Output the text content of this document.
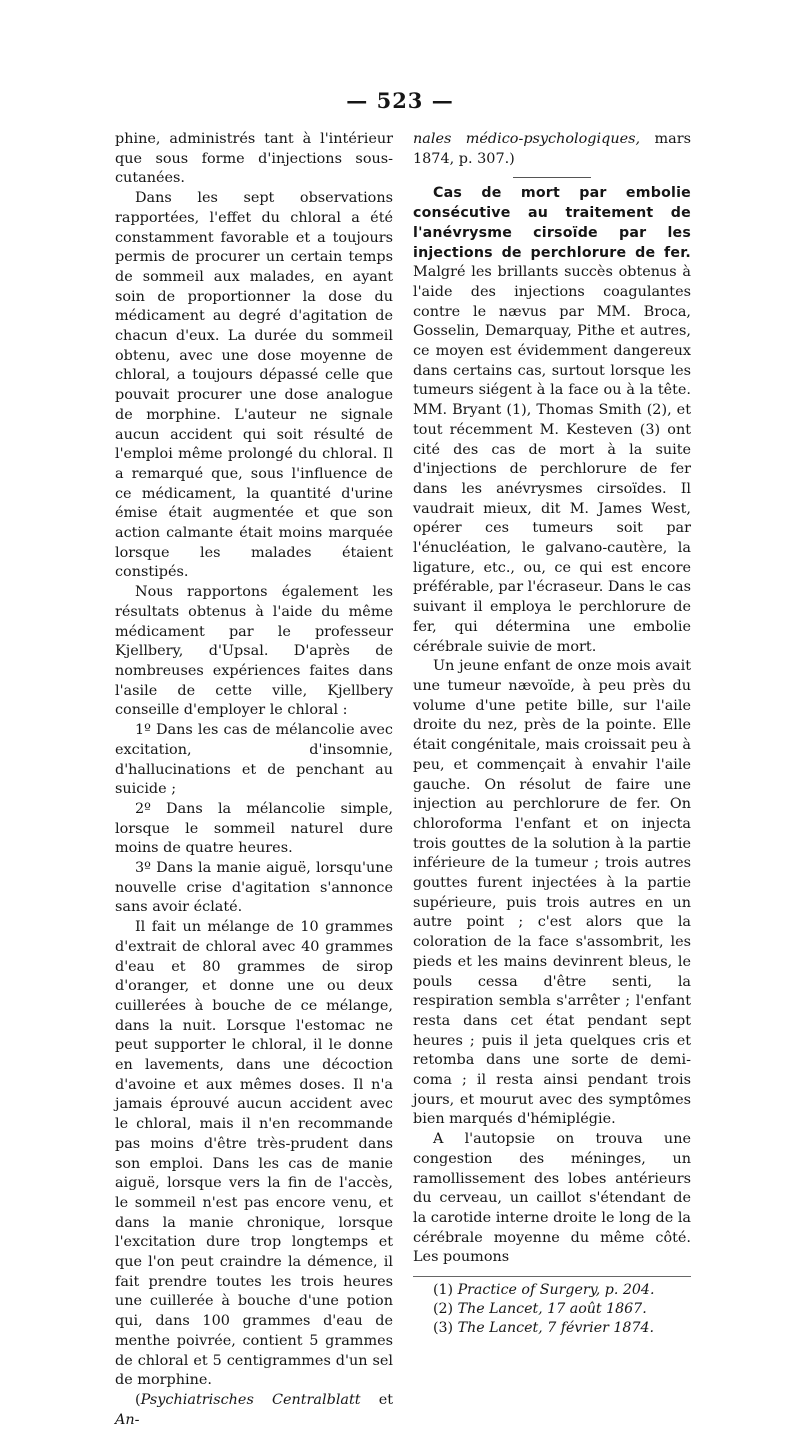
— 523 —

phine, administrés tant à l'intérieur que sous forme d'injections sous-cutanées.

Dans les sept observations rapportées, l'effet du chloral a été constamment favorable et a toujours permis de procurer un certain temps de sommeil aux malades, en ayant soin de proportionner la dose du médicament au degré d'agitation de chacun d'eux. La durée du sommeil obtenu, avec une dose moyenne de chloral, a toujours dépassé celle que pouvait procurer une dose analogue de morphine. L'auteur ne signale aucun accident qui soit résulté de l'emploi même prolongé du chloral. Il a remarqué que, sous l'influence de ce médicament, la quantité d'urine émise était augmentée et que son action calmante était moins marquée lorsque les malades étaient constipés.

Nous rapportons également les résultats obtenus à l'aide du même médicament par le professeur Kjellbery, d'Upsal. D'après de nombreuses expériences faites dans l'asile de cette ville, Kjellbery conseille d'employer le chloral :

1º Dans les cas de mélancolie avec excitation, d'insomnie, d'hallucinations et de penchant au suicide ;

2º Dans la mélancolie simple, lorsque le sommeil naturel dure moins de quatre heures.

3º Dans la manie aiguë, lorsqu'une nouvelle crise d'agitation s'annonce sans avoir éclaté.

Il fait un mélange de 10 grammes d'extrait de chloral avec 40 grammes d'eau et 80 grammes de sirop d'oranger, et donne une ou deux cuillerées à bouche de ce mélange, dans la nuit. Lorsque l'estomac ne peut supporter le chloral, il le donne en lavements, dans une décoction d'avoine et aux mêmes doses. Il n'a jamais éprouvé aucun accident avec le chloral, mais il n'en recommande pas moins d'être très-prudent dans son emploi. Dans les cas de manie aiguë, lorsque vers la fin de l'accès, le sommeil n'est pas encore venu, et dans la manie chronique, lorsque l'excitation dure trop longtemps et que l'on peut craindre la démence, il fait prendre toutes les trois heures une cuillerée à bouche d'une potion qui, dans 100 grammes d'eau de menthe poivrée, contient 5 grammes de chloral et 5 centigrammes d'un sel de morphine.

(Psychiatrisches Centralblatt et An-

nales médico-psychologiques, mars 1874, p. 307.)

Cas de mort par embolie consécutive au traitement de l'anévrysme cirsoïde par les injections de perchlorure de fer. Malgré les brillants succès obtenus à l'aide des injections coagulantes contre le nævus par MM. Broca, Gosselin, Demarquay, Pithe et autres, ce moyen est évidemment dangereux dans certains cas, surtout lorsque les tumeurs siégent à la face ou à la tête. MM. Bryant (1), Thomas Smith (2), et tout récemment M. Kesteven (3) ont cité des cas de mort à la suite d'injections de perchlorure de fer dans les anévrysmes cirsoïdes. Il vaudrait mieux, dit M. James West, opérer ces tumeurs soit par l'énucléation, le galvano-cautère, la ligature, etc., ou, ce qui est encore préférable, par l'écraseur. Dans le cas suivant il employa le perchlorure de fer, qui détermina une embolie cérébrale suivie de mort.

Un jeune enfant de onze mois avait une tumeur nævoïde, à peu près du volume d'une petite bille, sur l'aile droite du nez, près de la pointe. Elle était congénitale, mais croissait peu à peu, et commençait à envahir l'aile gauche. On résolut de faire une injection au perchlorure de fer. On chloroforma l'enfant et on injecta trois gouttes de la solution à la partie inférieure de la tumeur ; trois autres gouttes furent injectées à la partie supérieure, puis trois autres en un autre point ; c'est alors que la coloration de la face s'assombrit, les pieds et les mains devinrent bleus, le pouls cessa d'être senti, la respiration sembla s'arrêter ; l'enfant resta dans cet état pendant sept heures ; puis il jeta quelques cris et retomba dans une sorte de demi-coma ; il resta ainsi pendant trois jours, et mourut avec des symptômes bien marqués d'hémiplégie.

A l'autopsie on trouva une congestion des méninges, un ramollissement des lobes antérieurs du cerveau, un caillot s'étendant de la carotide interne droite le long de la cérébrale moyenne du même côté. Les poumons

(1) Practice of Surgery, p. 204.

(2) The Lancet, 17 août 1867.

(3) The Lancet, 7 février 1874.
